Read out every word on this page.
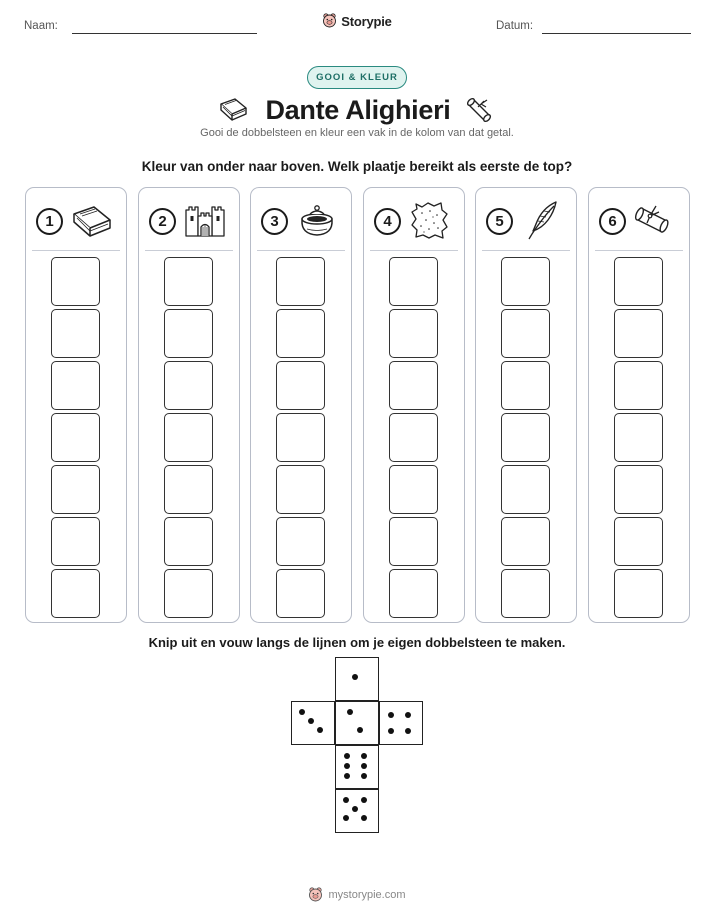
Naam:	Datum:
Storypie
GOOI & KLEUR
Dante Alighieri
Gooi de dobbelsteen en kleur een vak in de kolom van dat getal.
Kleur van onder naar boven. Welk plaatje bereikt als eerste de top?
1	2	3	4	5	6
Knip uit en vouw langs de lijnen om je eigen dobbelsteen te maken.
mystorypie.com
